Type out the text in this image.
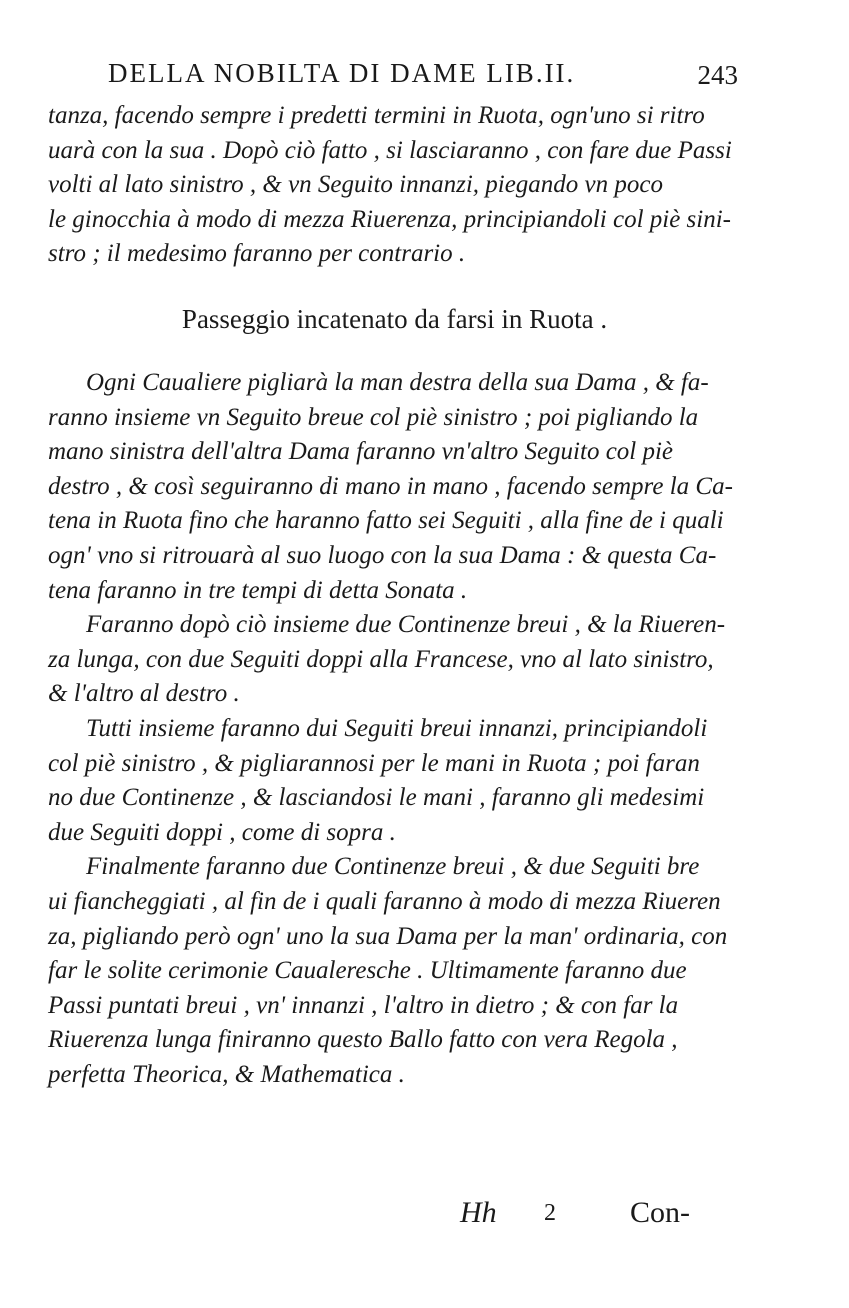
DELLA NOBILTA DI DAME LIB.II.	243
tanza, facendo sempre i predetti termini in Ruota, ogn'uno si ritro
uarà con la sua . Dopò ciò fatto , si lasciaranno , con fare due Passi
volti al lato sinistro , & vn Seguito innanzi, piegando vn poco
le ginocchia à modo di mezza Riuerenza, principiandoli col piè sini-
stro ; il medesimo faranno per contrario .
Passeggio incatenato da farsi in Ruota .
Ogni Caualiere pigliarà la man destra della sua Dama , & fa-
ranno insieme vn Seguito breue col piè sinistro ; poi pigliando la
mano sinistra dell'altra Dama faranno vn'altro Seguito col piè
destro , & così seguiranno di mano in mano , facendo sempre la Ca-
tena in Ruota fino che haranno fatto sei Seguiti , alla fine de i quali
ogn' vno si ritrouarà al suo luogo con la sua Dama : & questa Ca-
tena faranno in tre tempi di detta Sonata .
Faranno dopò ciò insieme due Continenze breui , & la Riueren-
za lunga, con due Seguiti doppi alla Francese, vno al lato sinistro,
& l'altro al destro .
Tutti insieme faranno dui Seguiti breui innanzi, principiandoli
col piè sinistro , & pigliarannosi per le mani in Ruota ; poi faran
no due Continenze , & lasciandosi le mani , faranno gli medesimi
due Seguiti doppi , come di sopra .
Finalmente faranno due Continenze breui , & due Seguiti bre
ui fiancheggiati , al fin de i quali faranno à modo di mezza Riueren
za, pigliando però ogn' uno la sua Dama per la man' ordinaria, con
far le solite cerimonie Caualeresche . Ultimamente faranno due
Passi puntati breui , vn' innanzi , l'altro in dietro ; & con far la
Riuerenza lunga finiranno questo Ballo fatto con vera Regola ,
perfetta Theorica, & Mathematica .
Hh 2 Con-
